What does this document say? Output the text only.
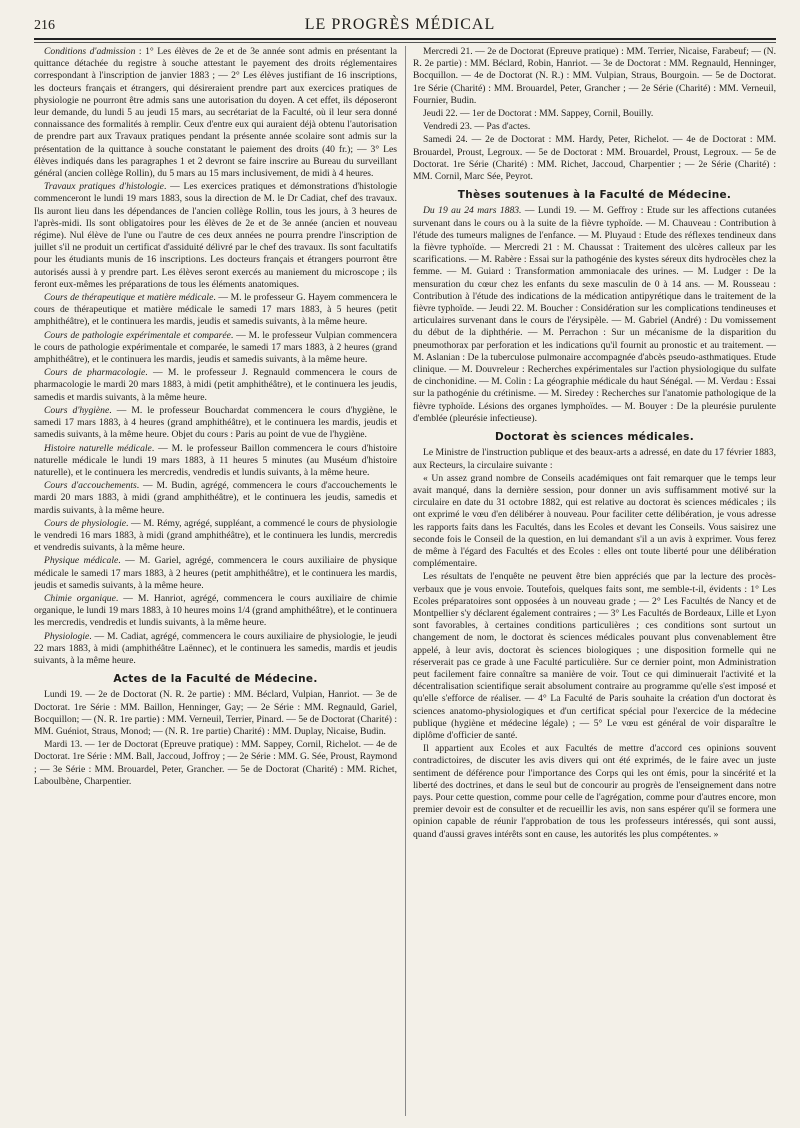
216	LE PROGRÈS MÉDICAL

Conditions d'admission : 1° Les élèves de 2e et de 3e année sont admis en présentant la quittance détachée du registre à souche attestant le payement des droits réglementaires correspondant à l'inscription de janvier 1883 ; — 2° Les élèves justifiant de 16 inscriptions, les docteurs français et étrangers, qui désireraient prendre part aux exercices pratiques de physiologie ne pourront être admis sans une autorisation du doyen. A cet effet, ils déposeront leur demande, du lundi 5 au jeudi 15 mars, au secrétariat de la Faculté, où il leur sera donné connaissance des formalités à remplir. Ceux d'entre eux qui auraient déjà obtenu l'autorisation de prendre part aux Travaux pratiques pendant la présente année scolaire sont admis sur la présentation de la quittance à souche constatant le paiement des droits (40 fr.); — 3° Les élèves indiqués dans les paragraphes 1 et 2 devront se faire inscrire au Bureau du surveillant général (ancien collège Rollin), du 5 mars au 15 mars inclusivement, de midi à 4 heures.

Travaux pratiques d'histologie. — Les exercices pratiques et démonstrations d'histologie commenceront le lundi 19 mars 1883, sous la direction de M. le Dr Cadiat, chef des travaux. Ils auront lieu dans les dépendances de l'ancien collège Rollin, tous les jours, à 3 heures de l'après-midi. Ils sont obligatoires pour les élèves de 2e et de 3e année (ancien et nouveau régime). Nul élève de l'une ou l'autre de ces deux années ne pourra prendre l'inscription de juillet s'il ne produit un certificat d'assiduité délivré par le chef des travaux. Ils sont facultatifs pour les étudiants munis de 16 inscriptions. Les docteurs français et étrangers pourront être autorisés aussi à y prendre part. Les élèves seront exercés au maniement du microscope ; ils feront eux-mêmes les préparations de tous les éléments anatomiques.

Cours de thérapeutique et matière médicale. — M. le professeur G. Hayem commencera le cours de thérapeutique et matière médicale le samedi 17 mars 1883, à 5 heures (petit amphithéâtre), et le continuera les mardis, jeudis et samedis suivants, à la même heure.

Cours de pathologie expérimentale et comparée. — M. le professeur Vulpian commencera le cours de pathologie expérimentale et comparée, le samedi 17 mars 1883, à 2 heures (grand amphithéâtre), et le continuera les mardis, jeudis et samedis suivants, à la même heure.

Cours de pharmacologie. — M. le professeur J. Regnauld commencera le cours de pharmacologie le mardi 20 mars 1883, à midi (petit amphithéâtre), et le continuera les jeudis, samedis et mardis suivants, à la même heure.

Cours d'hygiène. — M. le professeur Bouchardat commencera le cours d'hygiène, le samedi 17 mars 1883, à 4 heures (grand amphithéâtre), et le continuera les mardis, jeudis et samedis suivants, à la même heure. Objet du cours : Paris au point de vue de l'hygiène.

Histoire naturelle médicale. — M. le professeur Baillon commencera le cours d'histoire naturelle médicale le lundi 19 mars 1883, à 11 heures 5 minutes (au Muséum d'histoire naturelle), et le continuera les mercredis, vendredis et lundis suivants, à la même heure.

Cours d'accouchements. — M. Budin, agrégé, commencera le cours d'accouchements le mardi 20 mars 1883, à midi (grand amphithéâtre), et le continuera les jeudis, samedis et mardis suivants, à la même heure.

Cours de physiologie. — M. Rémy, agrégé, suppléant, a commencé le cours de physiologie le vendredi 16 mars 1883, à midi (grand amphithéâtre), et le continuera les lundis, mercredis et vendredis suivants, à la même heure.

Physique médicale. — M. Gariel, agrégé, commencera le cours auxiliaire de physique médicale le samedi 17 mars 1883, à 2 heures (petit amphithéâtre), et le continuera les mardis, jeudis et samedis suivants, à la même heure.

Chimie organique. — M. Hanriot, agrégé, commencera le cours auxiliaire de chimie organique, le lundi 19 mars 1883, à 10 heures moins 1/4 (grand amphithéâtre), et le continuera les mercredis, vendredis et lundis suivants, à la même heure.

Physiologie. — M. Cadiat, agrégé, commencera le cours auxiliaire de physiologie, le jeudi 22 mars 1883, à midi (amphithéâtre Laënnec), et le continuera les samedis, mardis et jeudis suivants, à la même heure.

Actes de la Faculté de Médecine.

Lundi 19. — 2e de Doctorat (N. R. 2e partie) : MM. Béclard, Vulpian, Hanriot. — 3e de Doctorat. 1re Série : MM. Baillon, Henninger, Gay; — 2e Série : MM. Regnauld, Gariel, Bocquillon; — (N. R. 1re partie) : MM. Verneuil, Terrier, Pinard. — 5e de Doctorat (Charité) : MM. Guéniot, Straus, Monod; — (N. R. 1re partie) Charité) : MM. Duplay, Nicaise, Budin.

Mardi 13. — 1er de Doctorat (Epreuve pratique) : MM. Sappey, Cornil, Richelot. — 4e de Doctorat. 1re Série : MM. Ball, Jaccoud, Joffroy ; — 2e Série : MM. G. Sée, Proust, Raymond ; — 3e Série : MM. Brouardel, Peter, Grancher. — 5e de Doctorat (Charité) : MM. Richet, Laboulbène, Charpentier.

Mercredi 21. — 2e de Doctorat (Epreuve pratique) : MM. Terrier, Nicaise, Farabeuf; — (N. R. 2e partie) : MM. Béclard, Robin, Hanriot. — 3e de Doctorat : MM. Regnauld, Henninger, Bocquillon. — 4e de Doctorat (N. R.) : MM. Vulpian, Straus, Bourgoin. — 5e de Doctorat. 1re Série (Charité) : MM. Brouardel, Peter, Grancher ; — 2e Série (Charité) : MM. Verneuil, Fournier, Budin.

Jeudi 22. — 1er de Doctorat : MM. Sappey, Cornil, Bouilly.

Vendredi 23. — Pas d'actes.

Samedi 24. — 2e de Doctorat : MM. Hardy, Peter, Richelot. — 4e de Doctorat : MM. Brouardel, Proust, Legroux. — 5e de Doctorat : MM. Brouardel, Proust, Legroux. — 5e de Doctorat. 1re Série (Charité) : MM. Richet, Jaccoud, Charpentier ; — 2e Série (Charité) : MM. Cornil, Marc Sée, Peyrot.

Thèses soutenues à la Faculté de Médecine.

Du 19 au 24 mars 1883. — Lundi 19. — M. Geffroy : Etude sur les affections cutanées survenant dans le cours ou à la suite de la fièvre typhoïde. — M. Chauveau : Contribution à l'étude des tumeurs malignes de l'enfance. — M. Pluyaud : Etude des réflexes tendineux dans la fièvre typhoïde. — Mercredi 21 : M. Chaussat : Traitement des ulcères calleux par les scarifications. — M. Rabère : Essai sur la pathogénie des kystes séreux dits hydrocèles chez la femme. — M. Guiard : Transformation ammoniacale des urines. — M. Ludger : De la mensuration du cœur chez les enfants du sexe masculin de 0 à 14 ans. — M. Rousseau : Contribution à l'étude des indications de la médication antipyrétique dans le traitement de la fièvre typhoïde. — Jeudi 22. M. Boucher : Considération sur les complications tendineuses et articulaires survenant dans le cours de l'érysipèle. — M. Gabriel (André) : Du vomissement du début de la diphthérie. — M. Perrachon : Sur un mécanisme de la disparition du pneumothorax par perforation et les indications qu'il fournit au pronostic et au traitement. — M. Aslanian : De la tuberculose pulmonaire accompagnée d'abcès pseudo-asthmatiques. Etude clinique. — M. Douvreleur : Recherches expérimentales sur l'action physiologique du sulfate de cinchonidine. — M. Colin : La géographie médicale du haut Sénégal. — M. Verdau : Essai sur la pathogénie du crétinisme. — M. Siredey : Recherches sur l'anatomie pathologique de la fièvre typhoïde. Lésions des organes lymphoïdes. — M. Bouyer : De la pleurésie purulente d'emblée (pleurésie infectieuse).

Doctorat ès sciences médicales.

Le Ministre de l'instruction publique et des beaux-arts a adressé, en date du 17 février 1883, aux Recteurs, la circulaire suivante :

« Un assez grand nombre de Conseils académiques ont fait remarquer que le temps leur avait manqué, dans la dernière session, pour donner un avis suffisamment motivé sur la circulaire en date du 31 octobre 1882, qui est relative au doctorat ès sciences médicales ; ils ont exprimé le vœu d'en délibérer à nouveau. Pour faciliter cette délibération, je vous adresse les rapports faits dans les Facultés, dans les Ecoles et devant les Conseils. Vous saisirez une seconde fois le Conseil de la question, en lui demandant s'il a un avis à exprimer. Vous ferez de même à l'égard des Facultés et des Ecoles : elles ont toute liberté pour une délibération complémentaire.

Les résultats de l'enquête ne peuvent être bien appréciés que par la lecture des procès-verbaux que je vous envoie. Toutefois, quelques faits sont, me semble-t-il, évidents : 1° Les Ecoles préparatoires sont opposées à un nouveau grade ; — 2° Les Facultés de Nancy et de Montpellier s'y déclarent également contraires ; — 3° Les Facultés de Bordeaux, Lille et Lyon sont favorables, à certaines conditions particulières ; ces conditions sont surtout un changement de nom, le doctorat ès sciences médicales pouvant plus convenablement être appelé, à leur avis, doctorat ès sciences biologiques ; une disposition formelle qui ne réserverait pas ce grade à une Faculté particulière. Sur ce dernier point, mon Administration peut facilement faire connaître sa manière de voir. Tout ce qui diminuerait l'activité et la décentralisation scientifique serait absolument contraire au programme qu'elle s'est imposé et qu'elle s'efforce de réaliser. — 4° La Faculté de Paris souhaite la création d'un doctorat ès sciences anatomo-physiologiques et d'un certificat spécial pour l'exercice de la médecine publique (hygiène et médecine légale) ; — 5° Le vœu est général de voir disparaître le diplôme d'officier de santé.

Il appartient aux Ecoles et aux Facultés de mettre d'accord ces opinions souvent contradictoires, de discuter les avis divers qui ont été exprimés, de le faire avec un juste sentiment de déférence pour l'importance des Corps qui les ont émis, pour la sincérité et la liberté des doctrines, et dans le seul but de concourir au progrès de l'enseignement dans notre pays. Pour cette question, comme pour celle de l'agrégation, comme pour d'autres encore, mon premier devoir est de consulter et de recueillir les avis, non sans espérer qu'il se formera une opinion capable de réunir l'approbation de tous les professeurs intéressés, qui sont aussi, quand d'aussi graves intérêts sont en cause, les autorités les plus compétentes. »
